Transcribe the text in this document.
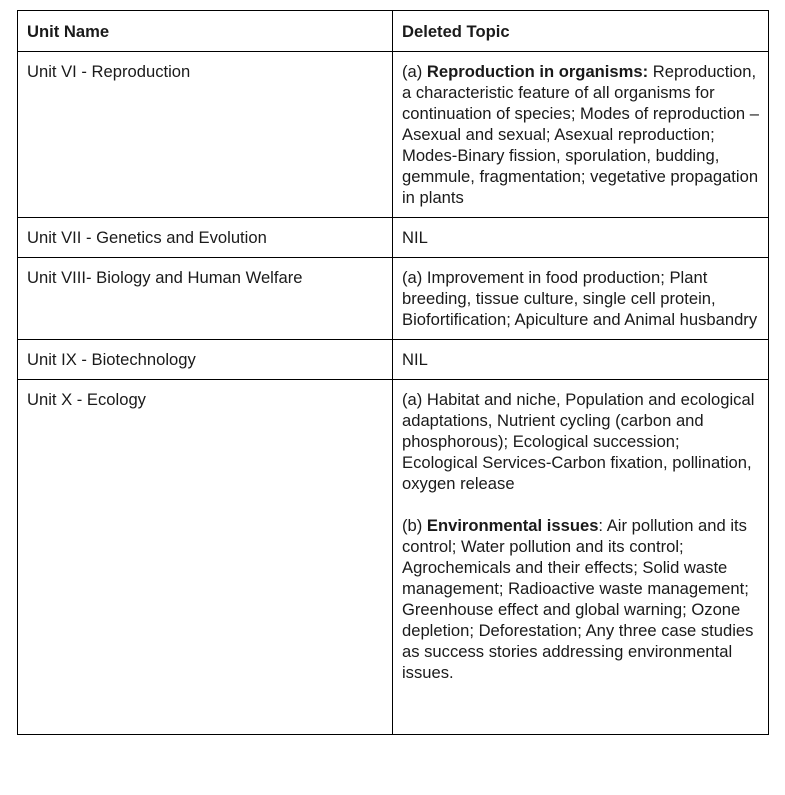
Unit Name	Deleted Topic
Unit VI - Reproduction	(a) Reproduction in organisms: Reproduction, a characteristic feature of all organisms for continuation of species; Modes of reproduction – Asexual and sexual; Asexual reproduction; Modes-Binary fission, sporulation, budding, gemmule, fragmentation; vegetative propagation in plants

Unit VII - Genetics and Evolution	NIL

Unit VIII- Biology and Human Welfare	(a) Improvement in food production; Plant breeding, tissue culture, single cell protein, Biofortification; Apiculture and Animal husbandry

Unit IX - Biotechnology	NIL

Unit X - Ecology	(a) Habitat and niche, Population and ecological adaptations, Nutrient cycling (carbon and phosphorous); Ecological succession; Ecological Services-Carbon fixation, pollination, oxygen release
(b) Environmental issues: Air pollution and its control; Water pollution and its control; Agrochemicals and their effects; Solid waste management; Radioactive waste management; Greenhouse effect and global warning; Ozone depletion; Deforestation; Any three case studies as success stories addressing environmental issues.
